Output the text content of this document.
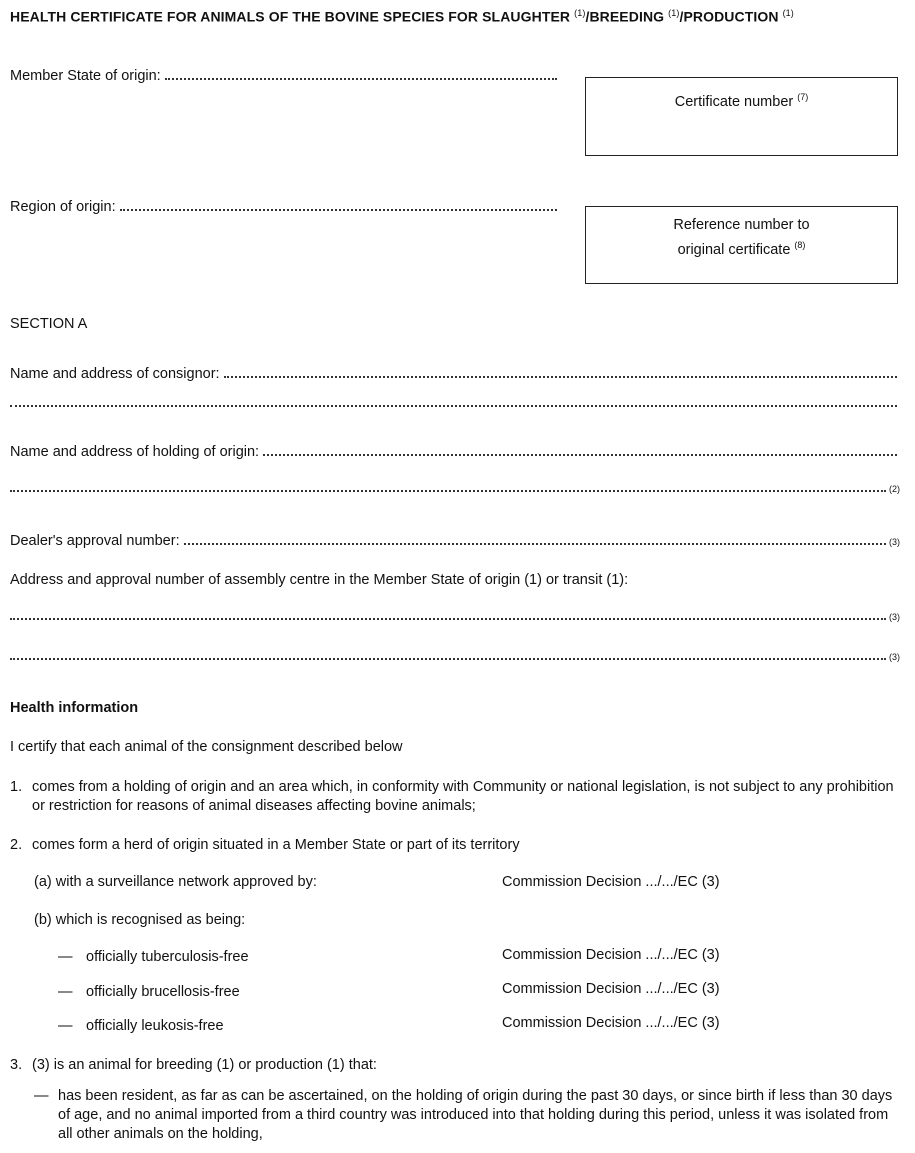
HEALTH CERTIFICATE FOR ANIMALS OF THE BOVINE SPECIES FOR SLAUGHTER $^{(1)}$/BREEDING $^{(1)}$/PRODUCTION $^{(1)}$
Member State of origin:
Certificate number $^{(7)}$
Region of origin:
Reference number to
original certificate $^{(8)}$
SECTION A
Name and address of consignor:
Name and address of holding of origin:
(2)
Dealer's approval number:	(3)
Address and approval number of assembly centre in the Member State of origin (1) or transit (1):
(3)
(3)
Health information
I certify that each animal of the consignment described below
1. comes from a holding of origin and an area which, in conformity with Community or national legislation, is not subject to any prohibition or restriction for reasons of animal diseases affecting bovine animals;
2. comes form a herd of origin situated in a Member State or part of its territory
(a) with a surveillance network approved by:	Commission Decision .../.../EC (3)
(b) which is recognised as being:
— officially tuberculosis-free	Commission Decision .../.../EC (3)
— officially brucellosis-free	Commission Decision .../.../EC (3)
— officially leukosis-free	Commission Decision .../.../EC (3)
3. (3) is an animal for breeding (1) or production (1) that:
— has been resident, as far as can be ascertained, on the holding of origin during the past 30 days, or since birth if less than 30 days of age, and no animal imported from a third country was introduced into that holding during this period, unless it was isolated from all other animals on the holding,
